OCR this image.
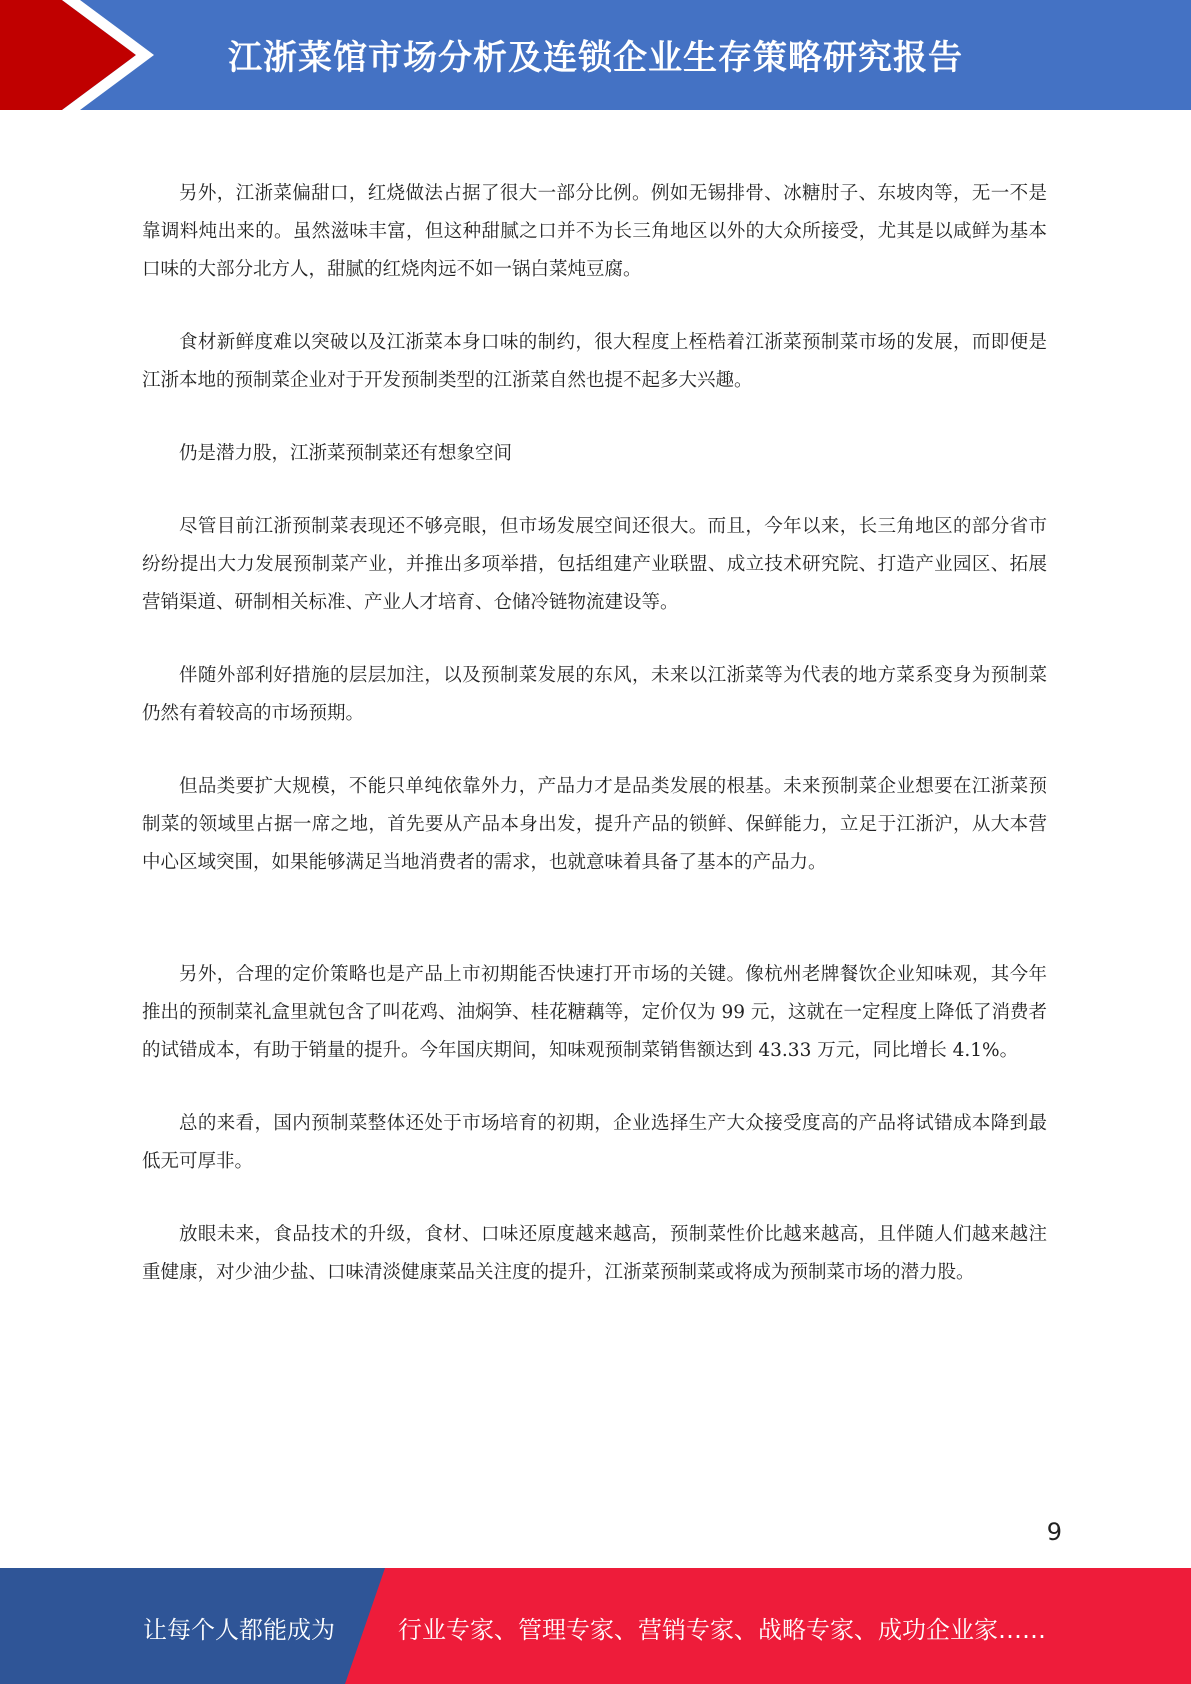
江浙菜馆市场分析及连锁企业生存策略研究报告

另外，江浙菜偏甜口，红烧做法占据了很大一部分比例。例如无锡排骨、冰糖肘子、东坡肉等，无一不是靠调料炖出来的。虽然滋味丰富，但这种甜腻之口并不为长三角地区以外的大众所接受，尤其是以咸鲜为基本口味的大部分北方人，甜腻的红烧肉远不如一锅白菜炖豆腐。

食材新鲜度难以突破以及江浙菜本身口味的制约，很大程度上桎梏着江浙菜预制菜市场的发展，而即便是江浙本地的预制菜企业对于开发预制类型的江浙菜自然也提不起多大兴趣。

仍是潜力股，江浙菜预制菜还有想象空间

尽管目前江浙预制菜表现还不够亮眼，但市场发展空间还很大。而且，今年以来，长三角地区的部分省市纷纷提出大力发展预制菜产业，并推出多项举措，包括组建产业联盟、成立技术研究院、打造产业园区、拓展营销渠道、研制相关标准、产业人才培育、仓储冷链物流建设等。

伴随外部利好措施的层层加注，以及预制菜发展的东风，未来以江浙菜等为代表的地方菜系变身为预制菜仍然有着较高的市场预期。

但品类要扩大规模，不能只单纯依靠外力，产品力才是品类发展的根基。未来预制菜企业想要在江浙菜预制菜的领域里占据一席之地，首先要从产品本身出发，提升产品的锁鲜、保鲜能力，立足于江浙沪，从大本营中心区域突围，如果能够满足当地消费者的需求，也就意味着具备了基本的产品力。

另外，合理的定价策略也是产品上市初期能否快速打开市场的关键。像杭州老牌餐饮企业知味观，其今年推出的预制菜礼盒里就包含了叫花鸡、油焖笋、桂花糖藕等，定价仅为 99 元，这就在一定程度上降低了消费者的试错成本，有助于销量的提升。今年国庆期间，知味观预制菜销售额达到 43.33 万元，同比增长 4.1%。

总的来看，国内预制菜整体还处于市场培育的初期，企业选择生产大众接受度高的产品将试错成本降到最低无可厚非。

放眼未来，食品技术的升级，食材、口味还原度越来越高，预制菜性价比越来越高，且伴随人们越来越注重健康，对少油少盐、口味清淡健康菜品关注度的提升，江浙菜预制菜或将成为预制菜市场的潜力股。

9
让每个人都能成为	行业专家、管理专家、营销专家、战略专家、成功企业家……
